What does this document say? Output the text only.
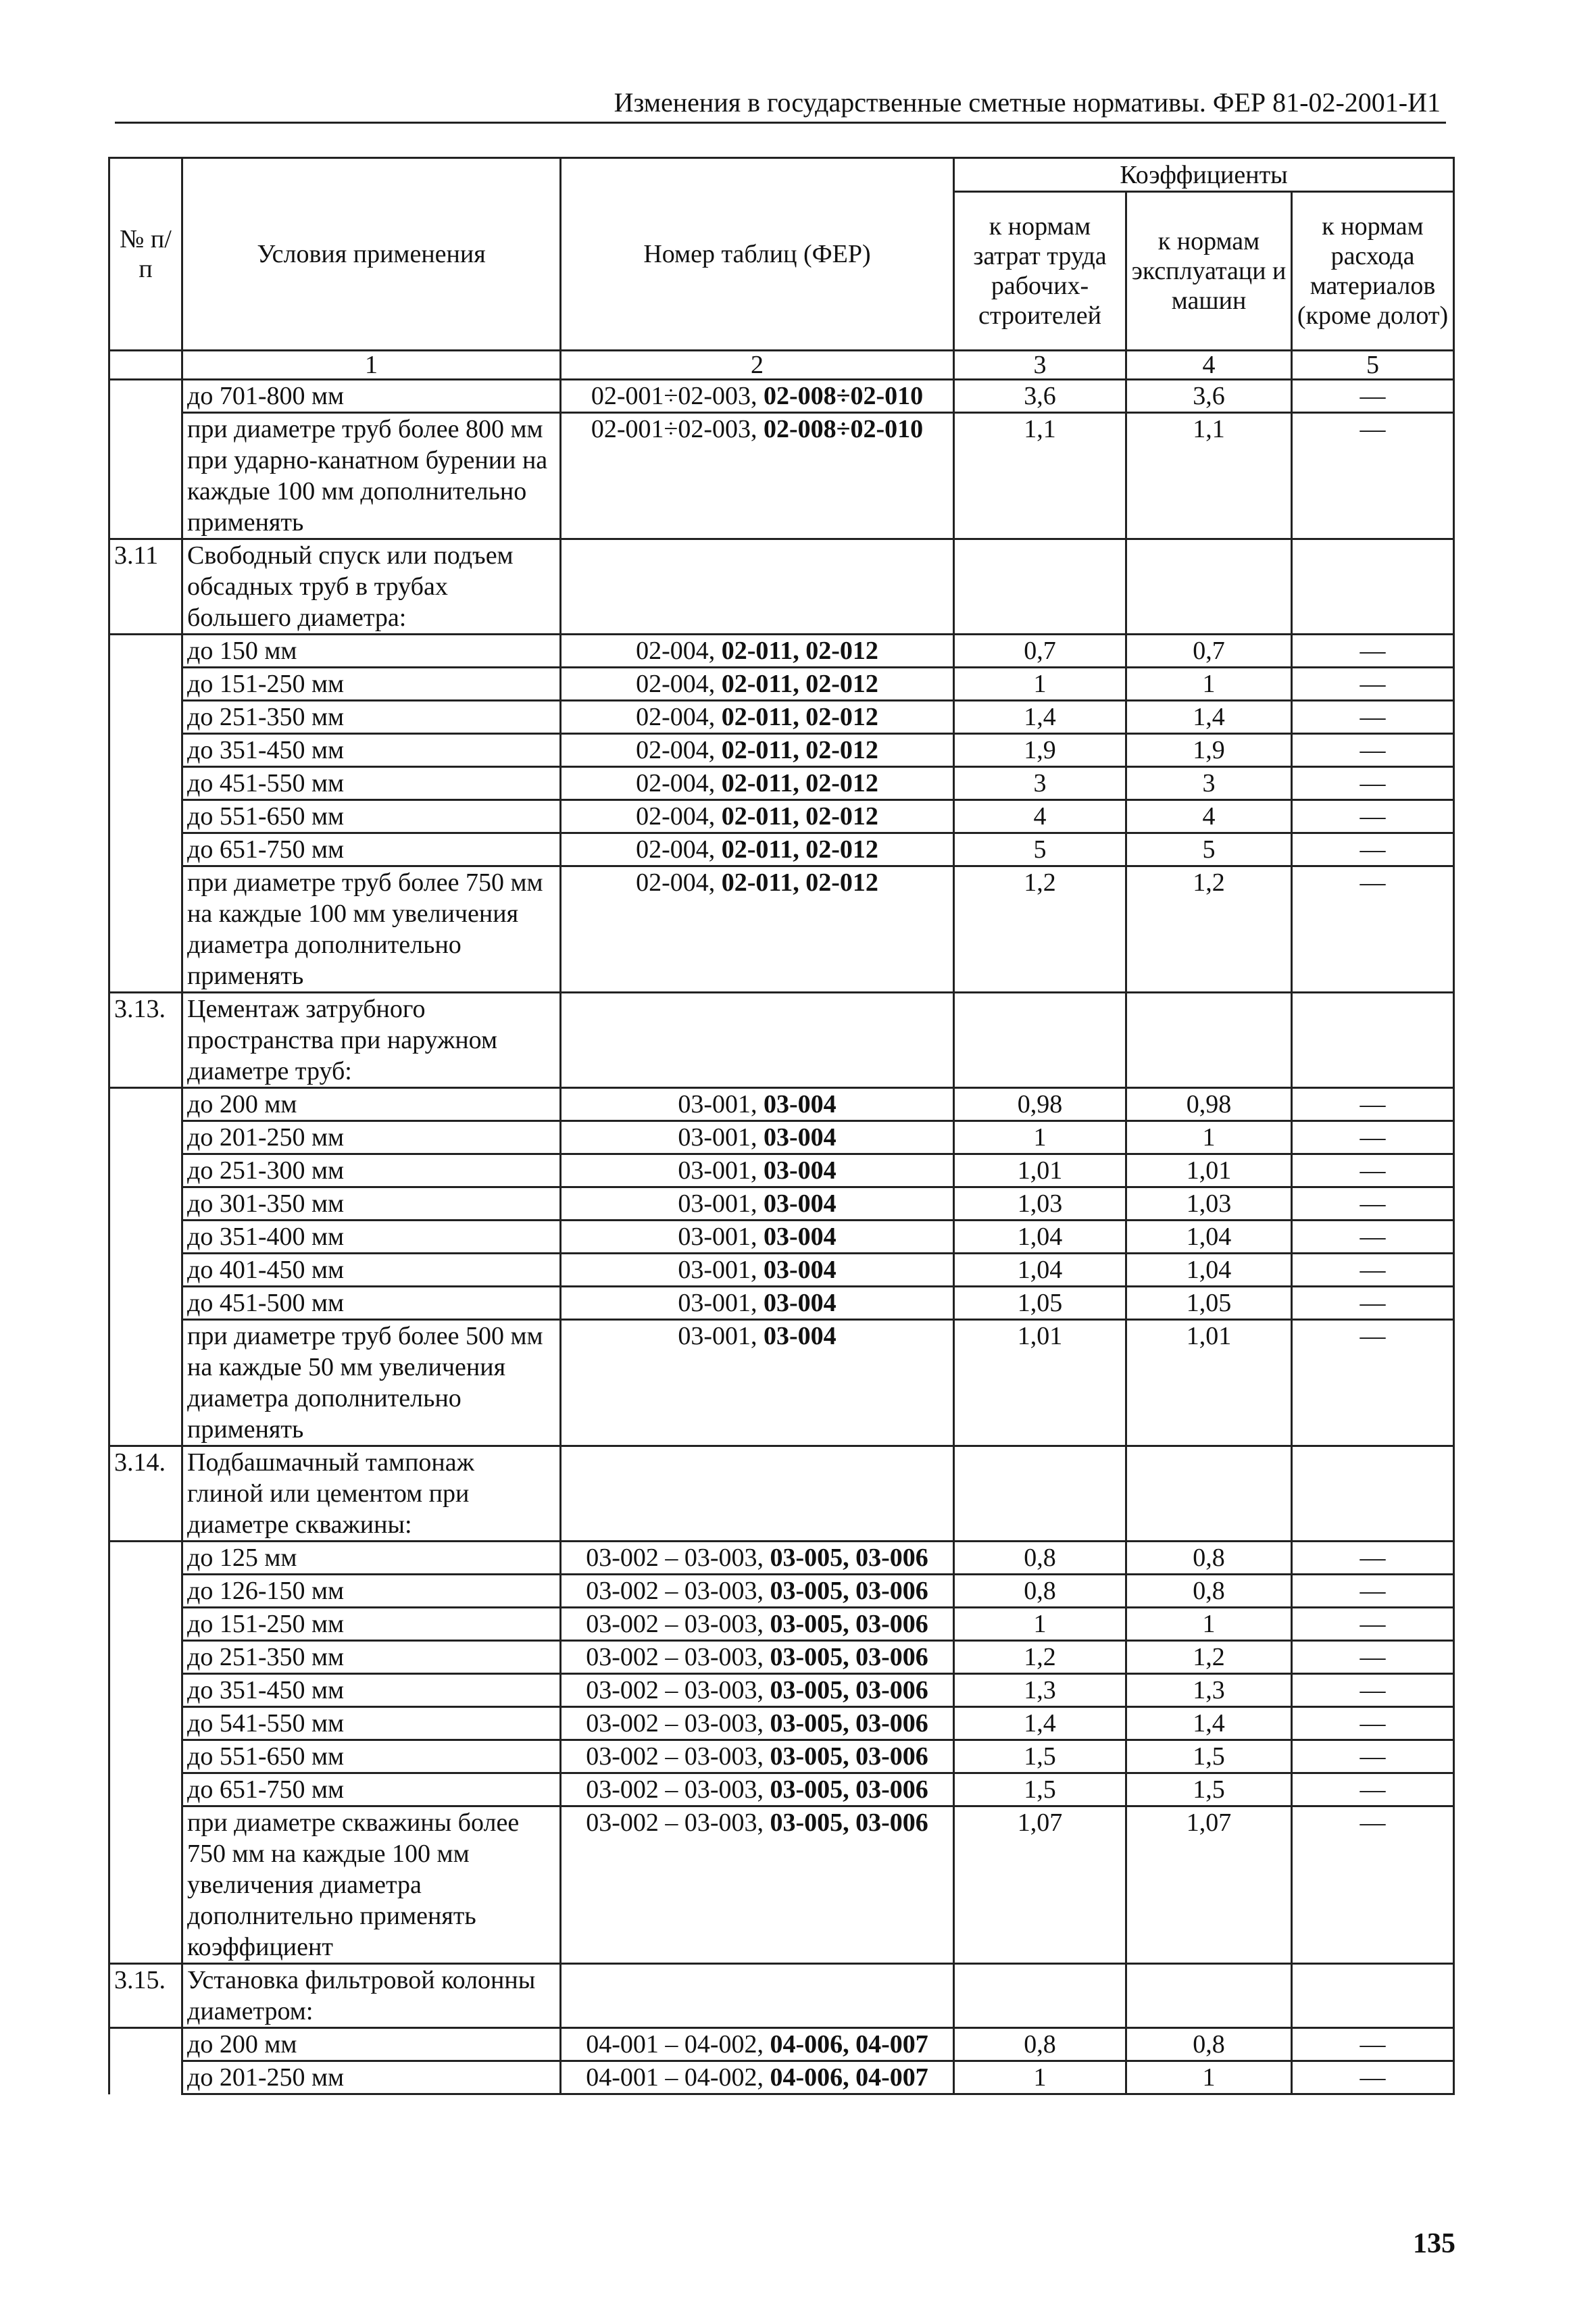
Изменения в государственные сметные нормативы. ФЕР 81-02-2001-И1
№ п/п	Условия применения	Номер таблиц (ФЕР)	Коэффициенты		
			к нормам затрат труда рабочих-строителей	к нормам эксплуатаци и машин	к нормам расхода материалов (кроме долот)
	1	2	3	4	5
	до 701-800 мм	02-001÷02-003, 02-008÷02-010	3,6	3,6	—
	при диаметре труб более 800 мм при ударно-канатном бурении на каждые 100 мм дополнительно применять	02-001÷02-003, 02-008÷02-010	1,1	1,1	—
3.11	Свободный спуск или подъем обсадных труб в трубах большего диаметра:				
	до 150 мм	02-004, 02-011, 02-012	0,7	0,7	—
	до 151-250 мм	02-004, 02-011, 02-012	1	1	—
	до 251-350 мм	02-004, 02-011, 02-012	1,4	1,4	—
	до 351-450 мм	02-004, 02-011, 02-012	1,9	1,9	—
	до 451-550 мм	02-004, 02-011, 02-012	3	3	—
	до 551-650 мм	02-004, 02-011, 02-012	4	4	—
	до 651-750 мм	02-004, 02-011, 02-012	5	5	—
	при диаметре труб более 750 мм на каждые 100 мм увеличения диаметра дополнительно применять	02-004, 02-011, 02-012	1,2	1,2	—
3.13.	Цементаж затрубного пространства при наружном диаметре труб:				
	до 200 мм	03-001, 03-004	0,98	0,98	—
	до 201-250 мм	03-001, 03-004	1	1	—
	до 251-300 мм	03-001, 03-004	1,01	1,01	—
	до 301-350 мм	03-001, 03-004	1,03	1,03	—
	до 351-400 мм	03-001, 03-004	1,04	1,04	—
	до 401-450 мм	03-001, 03-004	1,04	1,04	—
	до 451-500 мм	03-001, 03-004	1,05	1,05	—
	при диаметре труб более 500 мм на каждые 50 мм увеличения диаметра дополнительно применять	03-001, 03-004	1,01	1,01	—
3.14.	Подбашмачный тампонаж глиной или цементом при диаметре скважины:				
	до 125 мм	03-002 – 03-003, 03-005, 03-006	0,8	0,8	—
	до 126-150 мм	03-002 – 03-003, 03-005, 03-006	0,8	0,8	—
	до 151-250 мм	03-002 – 03-003, 03-005, 03-006	1	1	—
	до 251-350 мм	03-002 – 03-003, 03-005, 03-006	1,2	1,2	—
	до 351-450 мм	03-002 – 03-003, 03-005, 03-006	1,3	1,3	—
	до 541-550 мм	03-002 – 03-003, 03-005, 03-006	1,4	1,4	—
	до 551-650 мм	03-002 – 03-003, 03-005, 03-006	1,5	1,5	—
	до 651-750 мм	03-002 – 03-003, 03-005, 03-006	1,5	1,5	—
	при диаметре скважины более 750 мм на каждые 100 мм увеличения диаметра дополнительно применять коэффициент	03-002 – 03-003, 03-005, 03-006	1,07	1,07	—
3.15.	Установка фильтровой колонны диаметром:				
	до 200 мм	04-001 – 04-002, 04-006, 04-007	0,8	0,8	—
	до 201-250 мм	04-001 – 04-002, 04-006, 04-007	1	1	—
135
